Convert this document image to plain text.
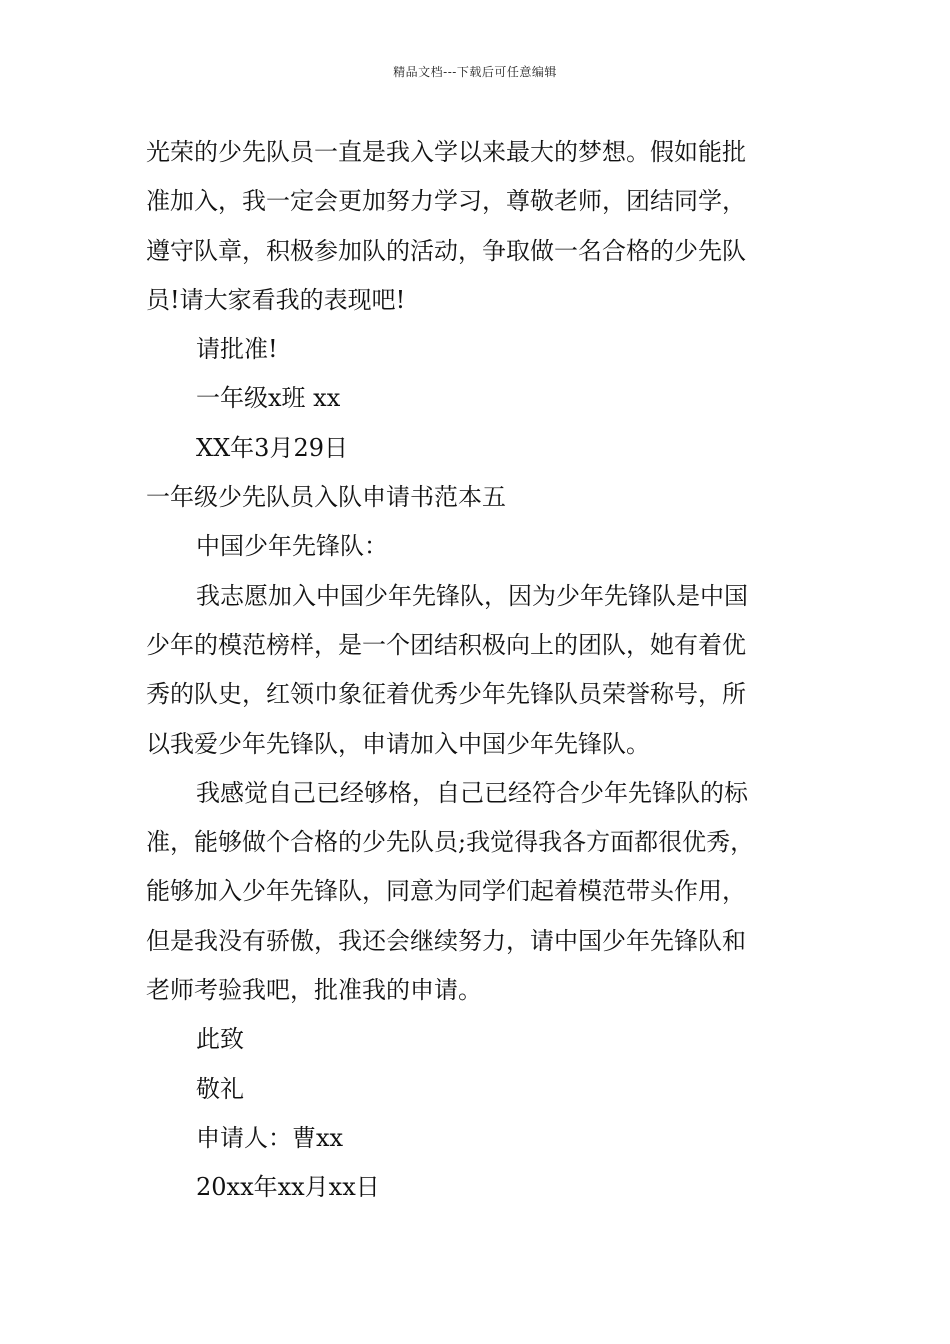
精品文档---下载后可任意编辑
光荣的少先队员一直是我入学以来最大的梦想。假如能批
准加入，我一定会更加努力学习，尊敬老师，团结同学，
遵守队章，积极参加队的活动，争取做一名合格的少先队
员!请大家看我的表现吧!
请批准!
一年级x班 xx
XX年3月29日
一年级少先队员入队申请书范本五
中国少年先锋队：
我志愿加入中国少年先锋队，因为少年先锋队是中国
少年的模范榜样，是一个团结积极向上的团队，她有着优
秀的队史，红领巾象征着优秀少年先锋队员荣誉称号，所
以我爱少年先锋队，申请加入中国少年先锋队。
我感觉自己已经够格，自己已经符合少年先锋队的标
准，能够做个合格的少先队员;我觉得我各方面都很优秀，
能够加入少年先锋队，同意为同学们起着模范带头作用，
但是我没有骄傲，我还会继续努力，请中国少年先锋队和
老师考验我吧，批准我的申请。
此致
敬礼
申请人：曹xx
20xx年xx月xx日
